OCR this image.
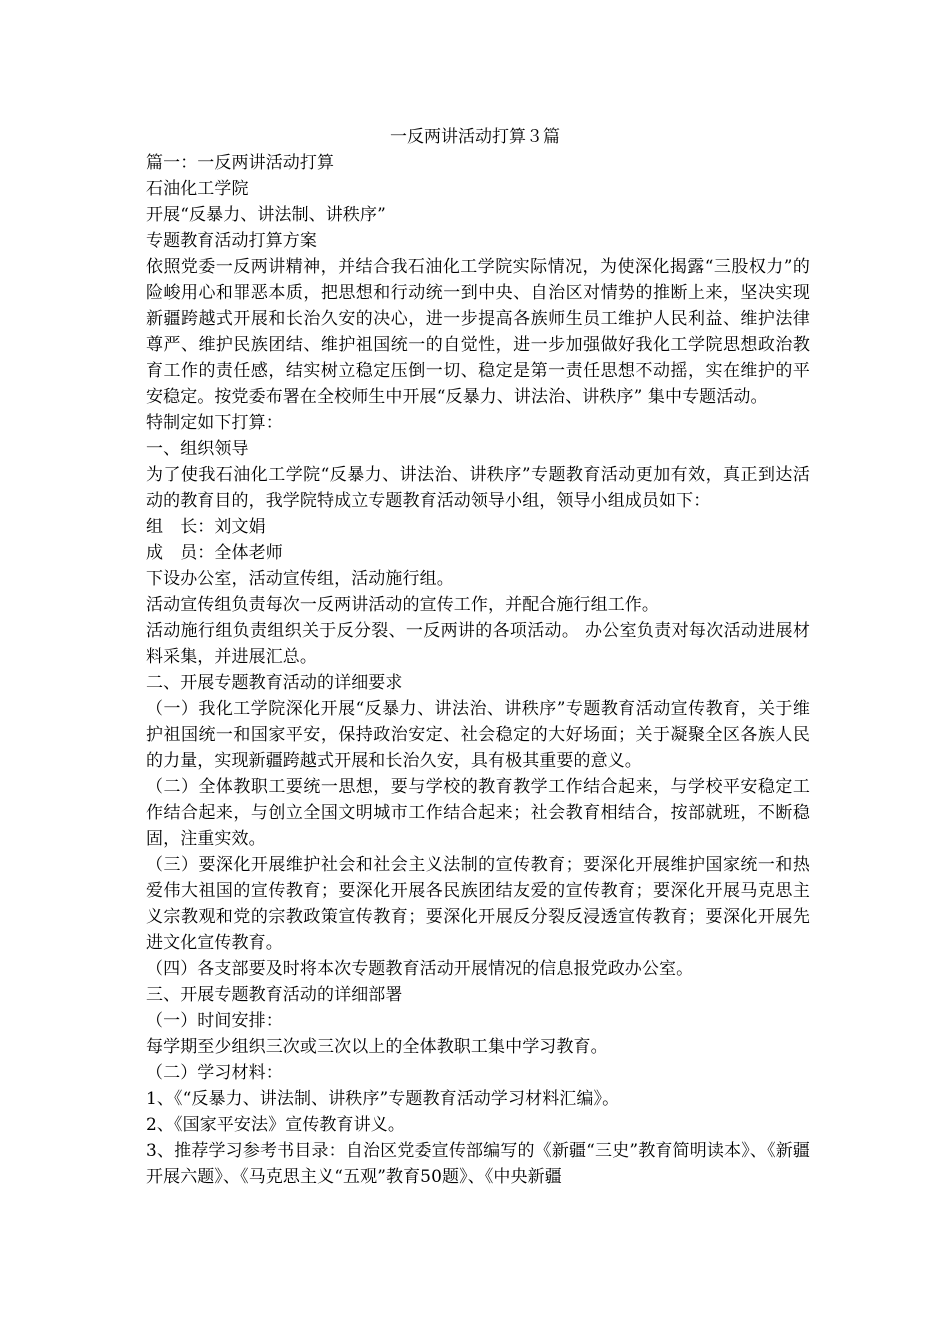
一反两讲活动打算３篇

篇一：一反两讲活动打算

石油化工学院

开展“反暴力、讲法制、讲秩序”

专题教育活动打算方案

依照党委一反两讲精神，并结合我石油化工学院实际情况，为使深化揭露“三股权力”的险峻用心和罪恶本质，把思想和行动统一到中央、自治区对情势的推断上来，坚决实现新疆跨越式开展和长治久安的决心，进一步提高各族师生员工维护人民利益、维护法律尊严、维护民族团结、维护祖国统一的自觉性，进一步加强做好我化工学院思想政治教育工作的责任感，结实树立稳定压倒一切、稳定是第一责任思想不动摇，实在维护的平安稳定。按党委布署在全校师生中开展“反暴力、讲法治、讲秩序” 集中专题活动。

特制定如下打算：

一、组织领导

为了使我石油化工学院“反暴力、讲法治、讲秩序”专题教育活动更加有效，真正到达活动的教育目的，我学院特成立专题教育活动领导小组，领导小组成员如下：

组　长：刘文娟

成　员：全体老师

下设办公室，活动宣传组，活动施行组。

活动宣传组负责每次一反两讲活动的宣传工作，并配合施行组工作。

活动施行组负责组织关于反分裂、一反两讲的各项活动。 办公室负责对每次活动进展材料采集，并进展汇总。

二、开展专题教育活动的详细要求

（一）我化工学院深化开展“反暴力、讲法治、讲秩序”专题教育活动宣传教育，关于维护祖国统一和国家平安，保持政治安定、社会稳定的大好场面；关于凝聚全区各族人民的力量，实现新疆跨越式开展和长治久安，具有极其重要的意义。

（二）全体教职工要统一思想，要与学校的教育教学工作结合起来，与学校平安稳定工作结合起来，与创立全国文明城市工作结合起来；社会教育相结合，按部就班，不断稳固，注重实效。

（三）要深化开展维护社会和社会主义法制的宣传教育；要深化开展维护国家统一和热爱伟大祖国的宣传教育；要深化开展各民族团结友爱的宣传教育；要深化开展马克思主义宗教观和党的宗教政策宣传教育；要深化开展反分裂反浸透宣传教育；要深化开展先进文化宣传教育。

（四）各支部要及时将本次专题教育活动开展情况的信息报党政办公室。

三、开展专题教育活动的详细部署

（一）时间安排：

每学期至少组织三次或三次以上的全体教职工集中学习教育。

（二）学习材料：

1、《“反暴力、讲法制、讲秩序”专题教育活动学习材料汇编》。

2、《国家平安法》宣传教育讲义。

3、推荐学习参考书目录：自治区党委宣传部编写的《新疆“三史”教育简明读本》、《新疆开展六题》、《马克思主义“五观”教育50题》、《中央新疆
